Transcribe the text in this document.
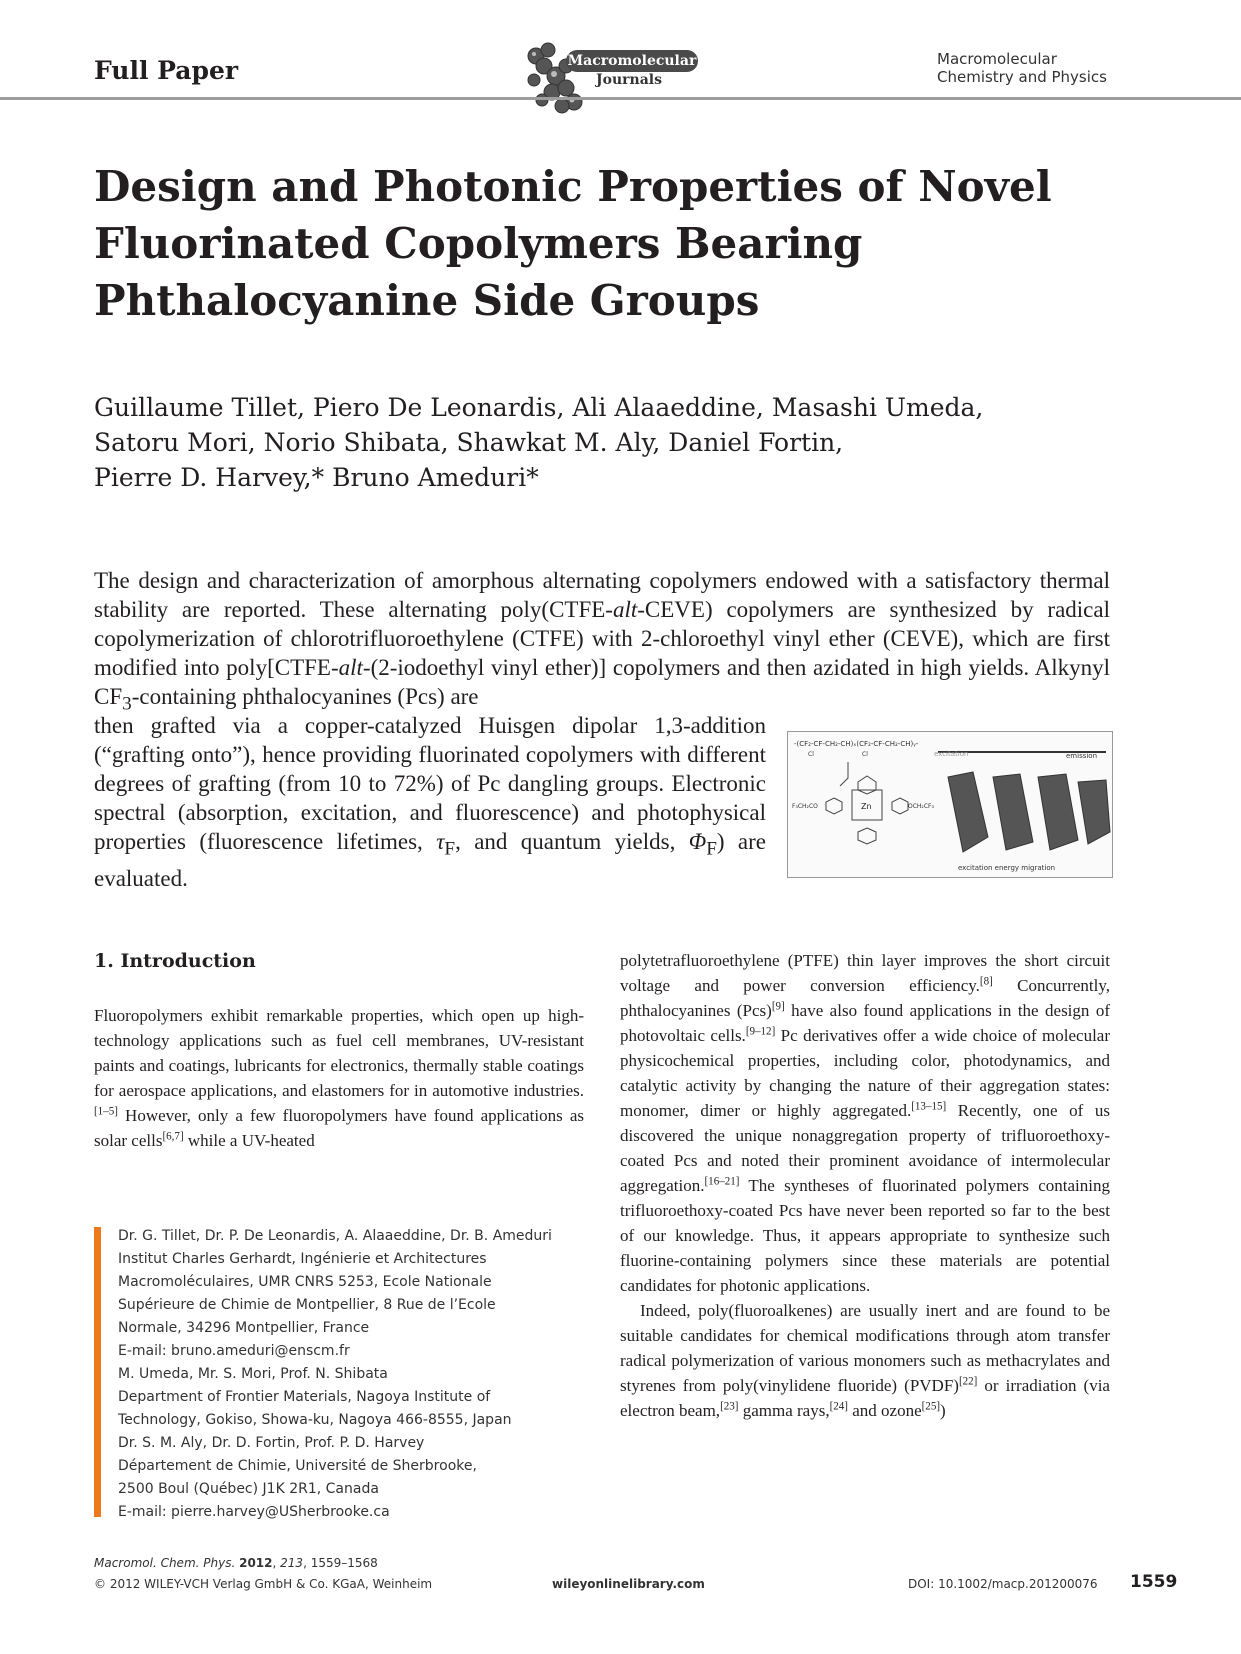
Full Paper	Macromolecular
Journals
Macromolecular
Chemistry and Physics
Design and Photonic Properties of Novel
Fluorinated Copolymers Bearing
Phthalocyanine Side Groups
Guillaume Tillet, Piero De Leonardis, Ali Alaaeddine, Masashi Umeda,
Satoru Mori, Norio Shibata, Shawkat M. Aly, Daniel Fortin,
Pierre D. Harvey,* Bruno Ameduri*
The design and characterization of amorphous alternating copolymers endowed with a satisfactory thermal stability are reported. These alternating poly(CTFE-alt-CEVE) copolymers are synthesized by radical copolymerization of chlorotrifluoroethylene (CTFE) with 2-chloroethyl vinyl ether (CEVE), which are first modified into poly[CTFE-alt-(2-iodoethyl vinyl ether)] copolymers and then azidated in high yields. Alkynyl $CF_3$-containing phthalocyanines (Pcs) are
then grafted via a copper-catalyzed Huisgen dipolar 1,3-addition (“grafting onto”), hence providing fluorinated copolymers with different degrees of grafting (from 10 to 72%) of Pc dangling groups. Electronic spectral (absorption, excitation, and fluorescence) and photophysical properties (fluorescence lifetimes, $\tau_F$, and quantum yields, $\Phi_F$) are evaluated.
-(CF₂-CF-CH₂-CH)ₓ(CF₂-CF-CH₂-CH)ᵧ-
Cl	Cl
Zn
F₃CH₂CO	OCH₂CF₃
excitation	emission
excitation energy migration
1. Introduction
Fluoropolymers exhibit remarkable properties, which open up high-technology applications such as fuel cell membranes, UV-resistant paints and coatings, lubricants for electronics, thermally stable coatings for aerospace applications, and elastomers for in automotive industries.[1–5] However, only a few fluoropolymers have found applications as solar cells[6,7] while a UV-heated
Dr. G. Tillet, Dr. P. De Leonardis, A. Alaaeddine, Dr. B. Ameduri
Institut Charles Gerhardt, Ingénierie et Architectures
Macromoléculaires, UMR CNRS 5253, Ecole Nationale
Supérieure de Chimie de Montpellier, 8 Rue de l’Ecole
Normale, 34296 Montpellier, France
E-mail: bruno.ameduri@enscm.fr
M. Umeda, Mr. S. Mori, Prof. N. Shibata
Department of Frontier Materials, Nagoya Institute of
Technology, Gokiso, Showa-ku, Nagoya 466-8555, Japan
Dr. S. M. Aly, Dr. D. Fortin, Prof. P. D. Harvey
Département de Chimie, Université de Sherbrooke,
2500 Boul (Québec) J1K 2R1, Canada
E-mail: pierre.harvey@USherbrooke.ca
polytetrafluoroethylene (PTFE) thin layer improves the short circuit voltage and power conversion efficiency.[8] Concurrently, phthalocyanines (Pcs)[9] have also found applications in the design of photovoltaic cells.[9–12] Pc derivatives offer a wide choice of molecular physicochemical properties, including color, photodynamics, and catalytic activity by changing the nature of their aggregation states: monomer, dimer or highly aggregated.[13–15] Recently, one of us discovered the unique nonaggregation property of trifluoroethoxy-coated Pcs and noted their prominent avoidance of intermolecular aggregation.[16–21] The syntheses of fluorinated polymers containing trifluoroethoxy-coated Pcs have never been reported so far to the best of our knowledge. Thus, it appears appropriate to synthesize such fluorine-containing polymers since these materials are potential candidates for photonic applications.
Indeed, poly(fluoroalkenes) are usually inert and are found to be suitable candidates for chemical modifications through atom transfer radical polymerization of various monomers such as methacrylates and styrenes from poly(vinylidene fluoride) (PVDF)[22] or irradiation (via electron beam,[23] gamma rays,[24] and ozone[25])
Macromol. Chem. Phys. 2012, 213, 1559–1568
© 2012 WILEY-VCH Verlag GmbH & Co. KGaA, Weinheim	wileyonlinelibrary.com	DOI: 10.1002/macp.201200076 1559
